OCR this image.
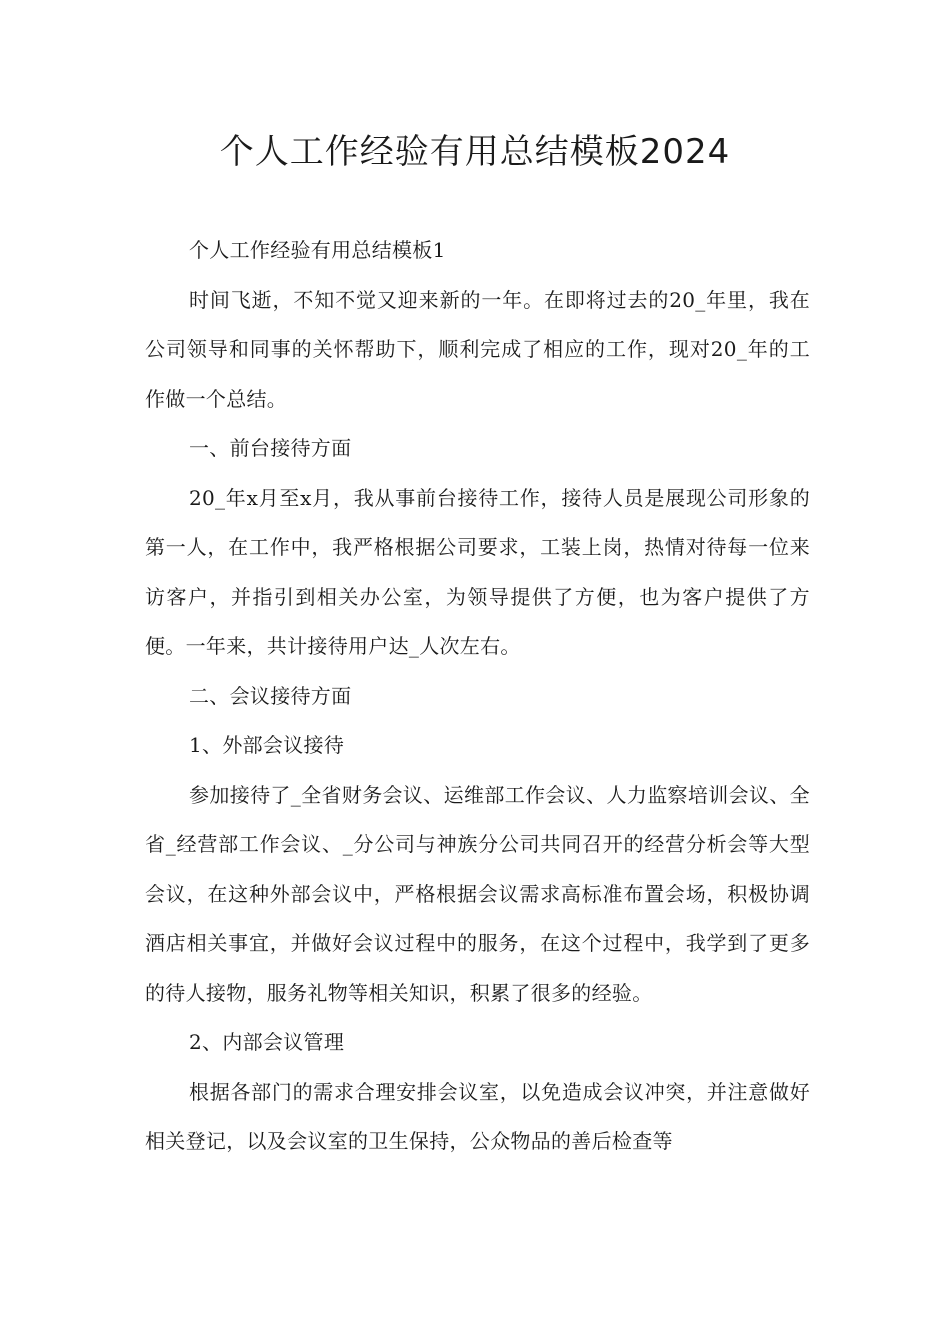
个人工作经验有用总结模板2024

个人工作经验有用总结模板1

时间飞逝，不知不觉又迎来新的一年。在即将过去的20_年里，我在公司领导和同事的关怀帮助下，顺利完成了相应的工作，现对20_年的工作做一个总结。

一、前台接待方面

20_年x月至x月，我从事前台接待工作，接待人员是展现公司形象的第一人，在工作中，我严格根据公司要求，工装上岗，热情对待每一位来访客户，并指引到相关办公室，为领导提供了方便，也为客户提供了方便。一年来，共计接待用户达_人次左右。

二、会议接待方面

1、外部会议接待

参加接待了_全省财务会议、运维部工作会议、人力监察培训会议、全省_经营部工作会议、_分公司与神族分公司共同召开的经营分析会等大型会议，在这种外部会议中，严格根据会议需求高标准布置会场，积极协调酒店相关事宜，并做好会议过程中的服务，在这个过程中，我学到了更多的待人接物，服务礼物等相关知识，积累了很多的经验。

2、内部会议管理

根据各部门的需求合理安排会议室，以免造成会议冲突，并注意做好相关登记，以及会议室的卫生保持，公众物品的善后检查等
